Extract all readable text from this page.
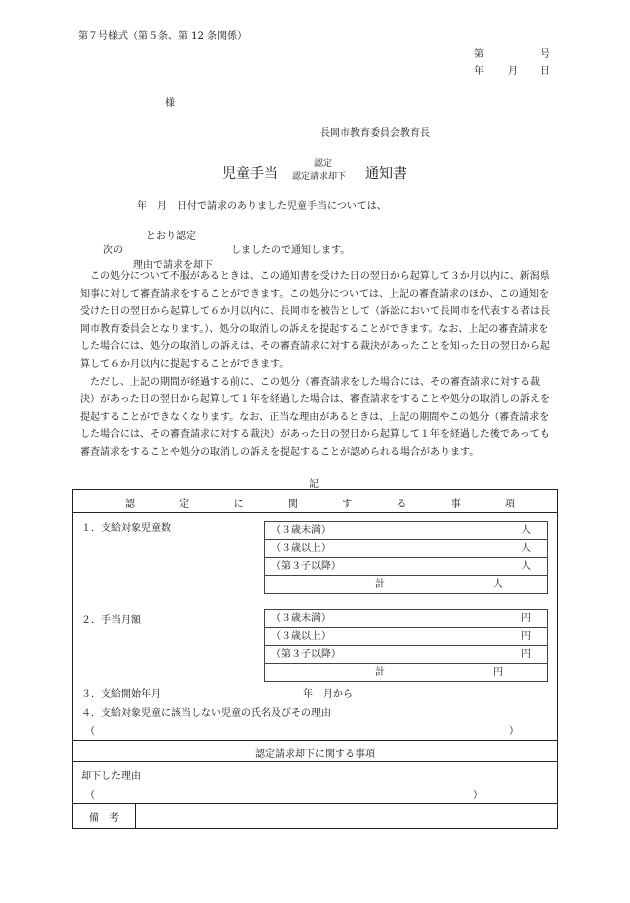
第７号様式（第５条、第 12 条関係）
第	号
年 月 日
様
長岡市教育委員会教育長
児童手当
認定
認定請求却下 通知書
年　月　日付で請求のありました児童手当については、
とおり認定
次の	しましたので通知します。
理由で請求を却下

この処分について不服があるときは、この通知書を受けた日の翌日から起算して３か月以内に、新潟県知事に対して審査請求をすることができます。この処分については、上記の審査請求のほか、この通知を受けた日の翌日から起算して６か月以内に、長岡市を被告として（訴訟において長岡市を代表する者は長岡市教育委員会となります。）、処分の取消しの訴えを提起することができます。なお、上記の審査請求をした場合には、処分の取消しの訴えは、その審査請求に対する裁決があったことを知った日の翌日から起算して６か月以内に提起することができます。

ただし、上記の期間が経過する前に、この処分（審査請求をした場合には、その審査請求に対する裁決）があった日の翌日から起算して１年を経過した場合は、審査請求をすることや処分の取消しの訴えを提起することができなくなります。なお、正当な理由があるときは、上記の期間やこの処分（審査請求をした場合には、その審査請求に対する裁決）があった日の翌日から起算して１年を経過した後であっても審査請求をすることや処分の取消しの訴えを提起することが認められる場合があります。

記
認	定	に	関	す	る	事	項
１．支給対象児童数	（３歳未満）	人
（３歳以上）	人
（第３子以降）	人
計	人
２．手当月額	（３歳未満）	円
（３歳以上）	円
（第３子以降）	円
計	円
３．支給開始年月	年　月から
４．支給対象児童に該当しない児童の氏名及びその理由
（	）
認定請求却下に関する事項
却下した理由
（	）
備　考
